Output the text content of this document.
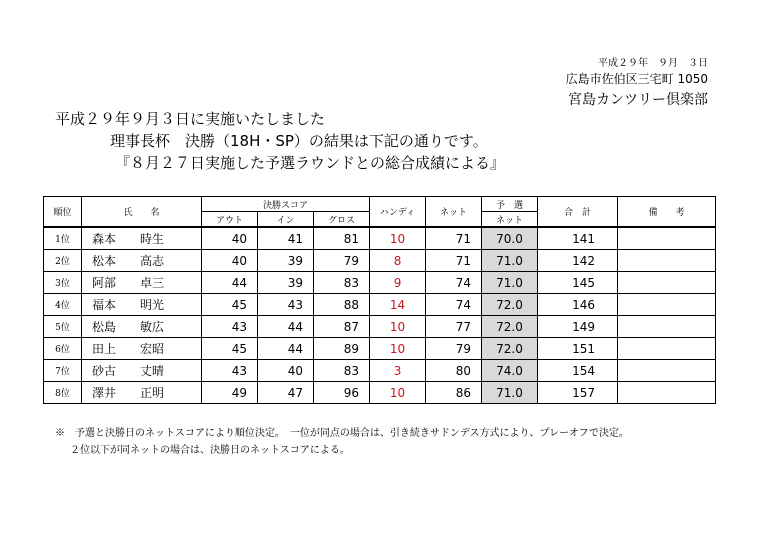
平成２９年　９月　３日
広島市佐伯区三宅町 1050
宮島カンツリー倶楽部
平成２９年９月３日に実施いたしました
理事長杯　決勝（18H・SP）の結果は下記の通りです。
『８月２７日実施した予選ラウンドとの総合成績による』
順位	氏　　名	決勝スコア			ハンディ	ネット	予　選	合　計	備　　考
		アウト	イン	グロス			ネット		
1位	森本 時生	40	41	81	10	71	70.0	141	
2位	松本 高志	40	39	79	8	71	71.0	142	
3位	阿部 卓三	44	39	83	9	74	71.0	145	
4位	福本 明光	45	43	88	14	74	72.0	146	
5位	松島 敏広	43	44	87	10	77	72.0	149	
6位	田上 宏昭	45	44	89	10	79	72.0	151	
7位	砂古 丈晴	43	40	83	3	80	74.0	154	
8位	澤井 正明	49	47	96	10	86	71.0	157	
※　予選と決勝日のネットスコアにより順位決定。　一位が同点の場合は、引き続きサドンデス方式により、プレーオフで決定。
２位以下が同ネットの場合は、決勝日のネットスコアによる。
